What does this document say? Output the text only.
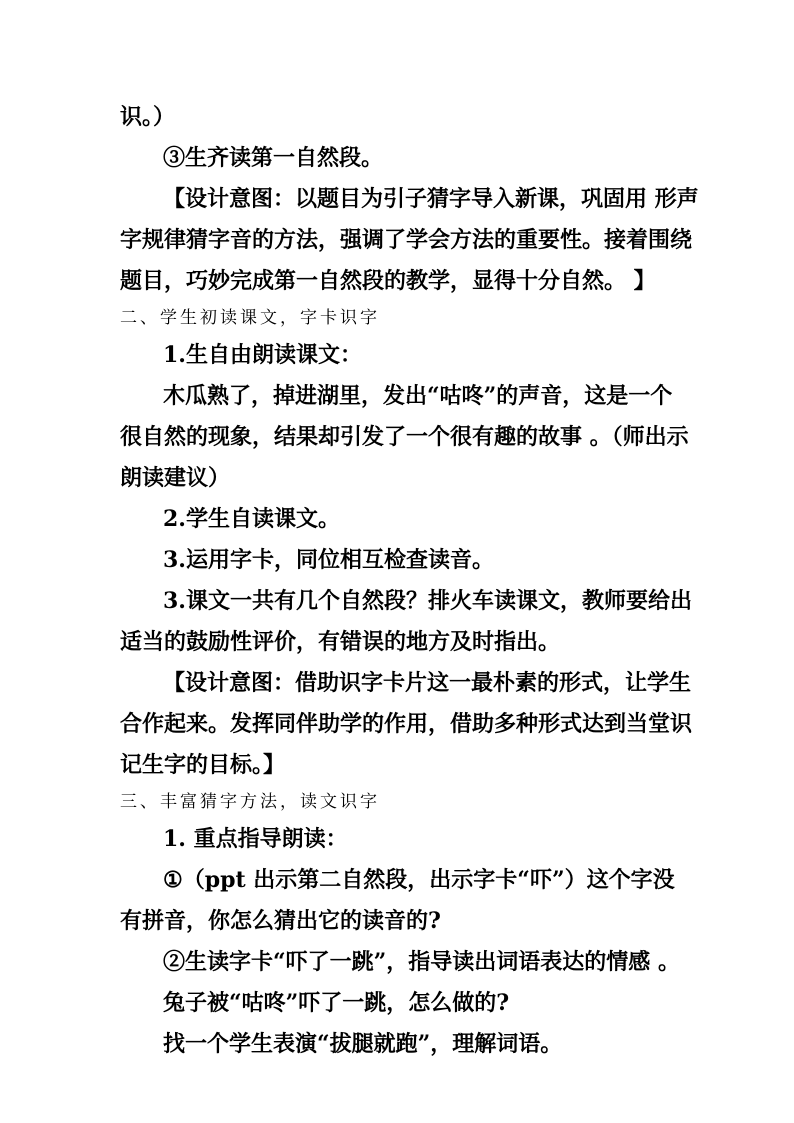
识。）
③生齐读第一自然段。
【设计意图：以题目为引子猜字导入新课，巩固用 形声
字规律猜字音的方法，强调了学会方法的重要性。接着围绕
题目，巧妙完成第一自然段的教学，显得十分自然。 】
二、学生初读课文，字卡识字
1.生自由朗读课文：
木瓜熟了，掉进湖里，发出“咕咚”的声音，这是一个
很自然的现象，结果却引发了一个很有趣的故事 。（师出示
朗读建议）
2.学生自读课文。
3.运用字卡，同位相互检查读音。
3.课文一共有几个自然段？排火车读课文，教师要给出
适当的鼓励性评价，有错误的地方及时指出。
【设计意图：借助识字卡片这一最朴素的形式，让学生
合作起来。发挥同伴助学的作用，借助多种形式达到当堂识
记生字的目标。】
三、丰富猜字方法，读文识字
1. 重点指导朗读：
①（ppt 出示第二自然段，出示字卡“吓”）这个字没
有拼音，你怎么猜出它的读音的?
②生读字卡“吓了一跳”，指导读出词语表达的情感 。
兔子被“咕咚”吓了一跳，怎么做的?
找一个学生表演“拔腿就跑”，理解词语。
